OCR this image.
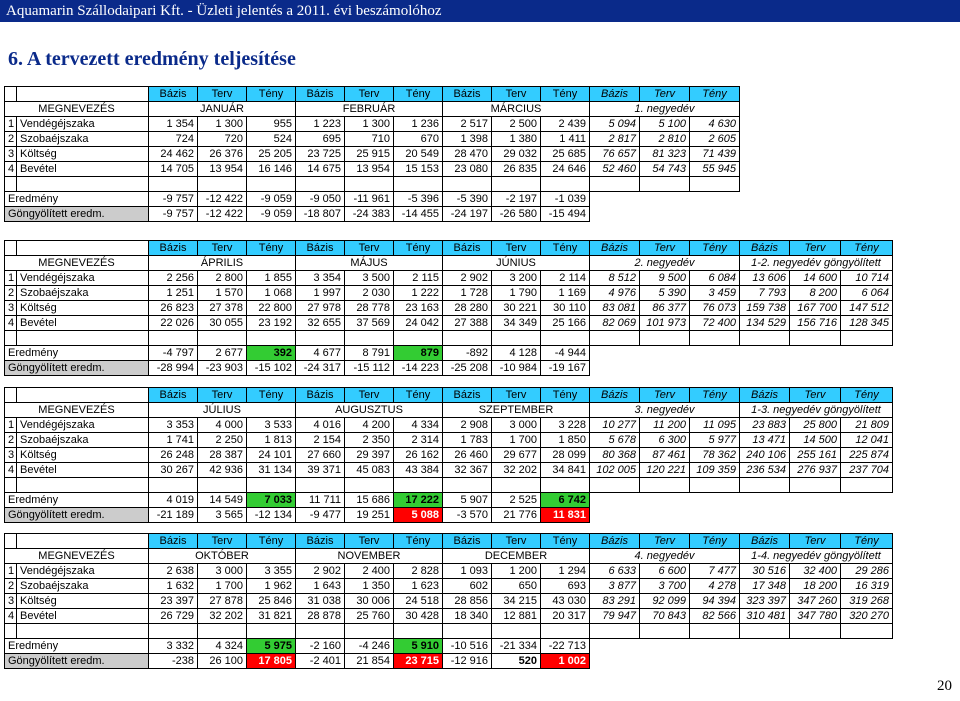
Aquamarin Szállodaipari Kft. - Üzleti jelentés a 2011. évi beszámolóhoz
6. A tervezett eredmény teljesítése
20
		Bázis	Terv	Tény	Bázis	Terv	Tény	Bázis	Terv	Tény	Bázis	Terv	Tény
MEGNEVEZÉS		JANUÁR			FEBRUÁR			MÁRCIUS			1. negyedév		
1	Vendégéjszaka	1 354	1 300	955	1 223	1 300	1 236	2 517	2 500	2 439	5 094	5 100	4 630
2	Szobaéjszaka	724	720	524	695	710	670	1 398	1 380	1 411	2 817	2 810	2 605
3	Költség	24 462	26 376	25 205	23 725	25 915	20 549	28 470	29 032	25 685	76 657	81 323	71 439
4	Bevétel	14 705	13 954	16 146	14 675	13 954	15 153	23 080	26 835	24 646	52 460	54 743	55 945

Eredmény		-9 757	-12 422	-9 059	-9 050	-11 961	-5 396	-5 390	-2 197	-1 039			
Göngyölített eredm.		-9 757	-12 422	-9 059	-18 807	-24 383	-14 455	-24 197	-26 580	-15 494			
		Bázis	Terv	Tény	Bázis	Terv	Tény	Bázis	Terv	Tény	Bázis	Terv	Tény	Bázis	Terv	Tény
MEGNEVEZÉS		ÁPRILIS			MÁJUS			JÚNIUS			2. negyedév			1-2. negyedév göngyölített		
1	Vendégéjszaka	2 256	2 800	1 855	3 354	3 500	2 115	2 902	3 200	2 114	8 512	9 500	6 084	13 606	14 600	10 714
2	Szobaéjszaka	1 251	1 570	1 068	1 997	2 030	1 222	1 728	1 790	1 169	4 976	5 390	3 459	7 793	8 200	6 064
3	Költség	26 823	27 378	22 800	27 978	28 778	23 163	28 280	30 221	30 110	83 081	86 377	76 073	159 738	167 700	147 512
4	Bevétel	22 026	30 055	23 192	32 655	37 569	24 042	27 388	34 349	25 166	82 069	101 973	72 400	134 529	156 716	128 345

Eredmény		-4 797	2 677	392	4 677	8 791	879	-892	4 128	-4 944						
Göngyölített eredm.		-28 994	-23 903	-15 102	-24 317	-15 112	-14 223	-25 208	-10 984	-19 167						
		Bázis	Terv	Tény	Bázis	Terv	Tény	Bázis	Terv	Tény	Bázis	Terv	Tény	Bázis	Terv	Tény
MEGNEVEZÉS		JÚLIUS			AUGUSZTUS			SZEPTEMBER			3. negyedév			1-3. negyedév göngyölített		
1	Vendégéjszaka	3 353	4 000	3 533	4 016	4 200	4 334	2 908	3 000	3 228	10 277	11 200	11 095	23 883	25 800	21 809
2	Szobaéjszaka	1 741	2 250	1 813	2 154	2 350	2 314	1 783	1 700	1 850	5 678	6 300	5 977	13 471	14 500	12 041
3	Költség	26 248	28 387	24 101	27 660	29 397	26 162	26 460	29 677	28 099	80 368	87 461	78 362	240 106	255 161	225 874
4	Bevétel	30 267	42 936	31 134	39 371	45 083	43 384	32 367	32 202	34 841	102 005	120 221	109 359	236 534	276 937	237 704

Eredmény		4 019	14 549	7 033	11 711	15 686	17 222	5 907	2 525	6 742						
Göngyölített eredm.		-21 189	3 565	-12 134	-9 477	19 251	5 088	-3 570	21 776	11 831						
		Bázis	Terv	Tény	Bázis	Terv	Tény	Bázis	Terv	Tény	Bázis	Terv	Tény	Bázis	Terv	Tény
MEGNEVEZÉS		OKTÓBER			NOVEMBER			DECEMBER			4. negyedév			1-4. negyedév göngyölített		
1	Vendégéjszaka	2 638	3 000	3 355	2 902	2 400	2 828	1 093	1 200	1 294	6 633	6 600	7 477	30 516	32 400	29 286
2	Szobaéjszaka	1 632	1 700	1 962	1 643	1 350	1 623	602	650	693	3 877	3 700	4 278	17 348	18 200	16 319
3	Költség	23 397	27 878	25 846	31 038	30 006	24 518	28 856	34 215	43 030	83 291	92 099	94 394	323 397	347 260	319 268
4	Bevétel	26 729	32 202	31 821	28 878	25 760	30 428	18 340	12 881	20 317	79 947	70 843	82 566	310 481	347 780	320 270

Eredmény		3 332	4 324	5 975	-2 160	-4 246	5 910	-10 516	-21 334	-22 713						
Göngyölített eredm.		-238	26 100	17 805	-2 401	21 854	23 715	-12 916	520	1 002						
